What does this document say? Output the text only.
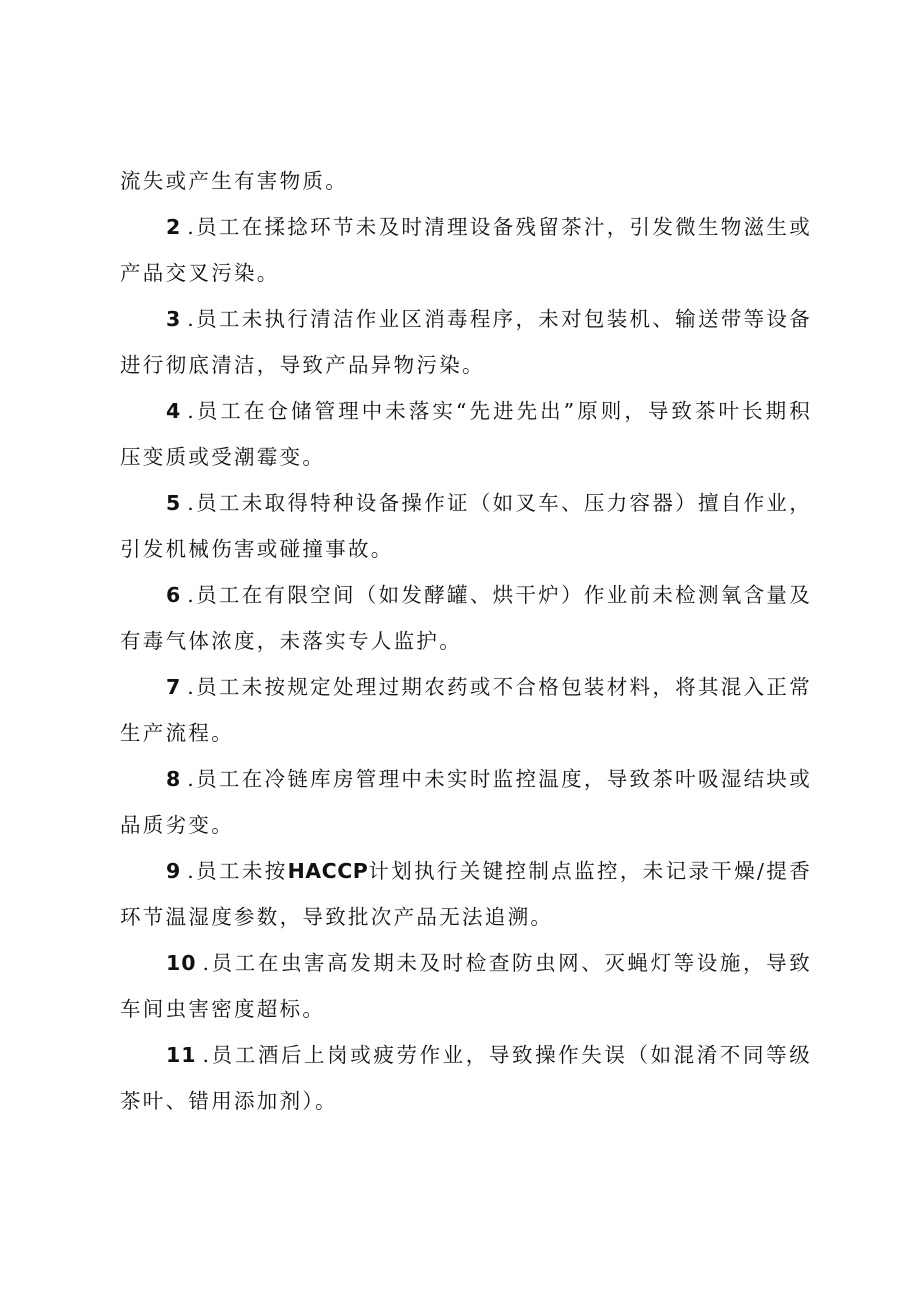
流失或产生有害物质。

2 .员工在揉捻环节未及时清理设备残留茶汁，引发微生物滋生或产品交叉污染。

3 .员工未执行清洁作业区消毒程序，未对包装机、输送带等设备进行彻底清洁，导致产品异物污染。

4 .员工在仓储管理中未落实“先进先出”原则，导致茶叶长期积压变质或受潮霉变。

5 .员工未取得特种设备操作证（如叉车、压力容器）擅自作业，引发机械伤害或碰撞事故。

6 .员工在有限空间（如发酵罐、烘干炉）作业前未检测氧含量及有毒气体浓度，未落实专人监护。

7 .员工未按规定处理过期农药或不合格包装材料，将其混入正常生产流程。

8 .员工在冷链库房管理中未实时监控温度，导致茶叶吸湿结块或品质劣变。

9 .员工未按HACCP计划执行关键控制点监控，未记录干燥/提香环节温湿度参数，导致批次产品无法追溯。

10 .员工在虫害高发期未及时检查防虫网、灭蝇灯等设施，导致车间虫害密度超标。

11 .员工酒后上岗或疲劳作业，导致操作失误（如混淆不同等级茶叶、错用添加剂）。
